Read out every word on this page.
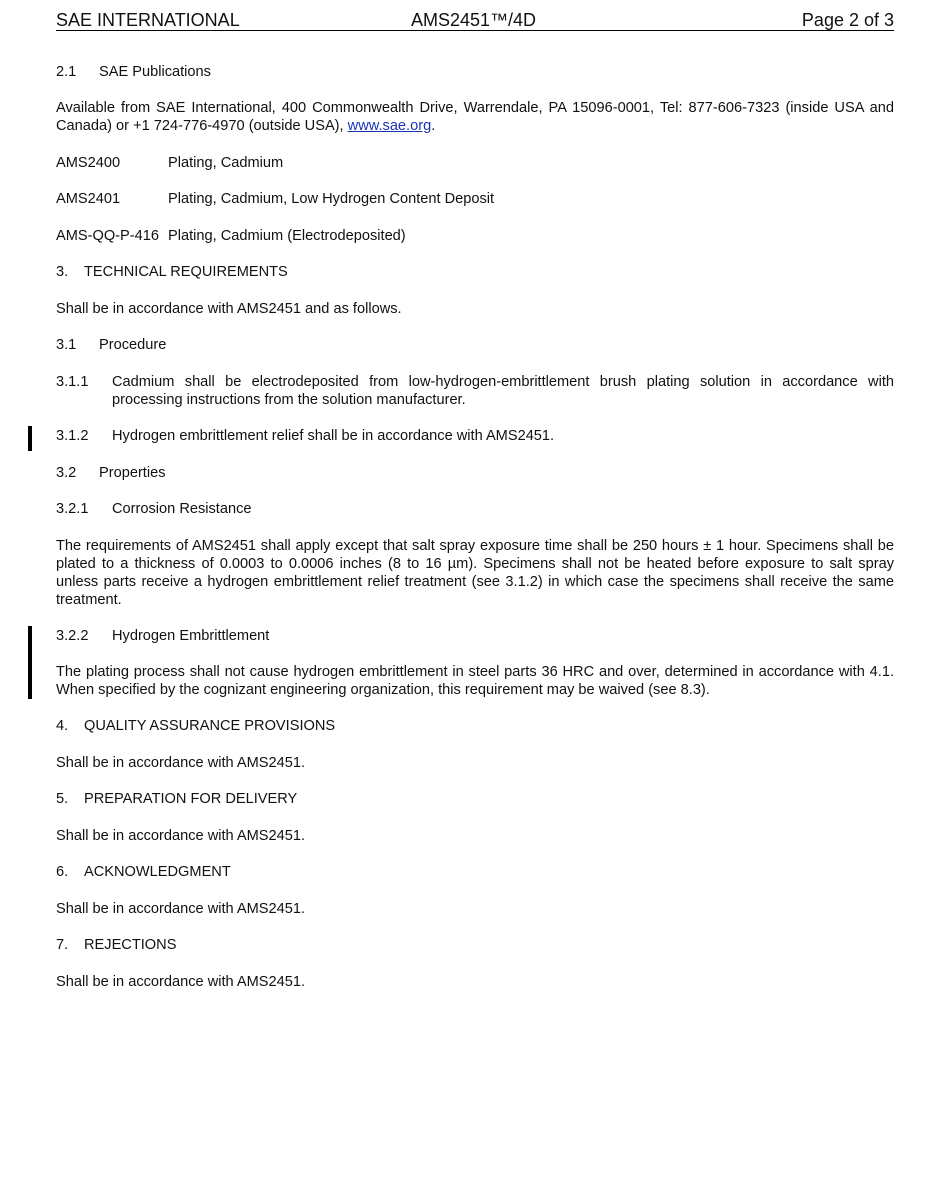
SAE INTERNATIONAL	AMS2451™/4D	Page 2 of 3
2.1 SAE Publications
Available from SAE International, 400 Commonwealth Drive, Warrendale, PA 15096-0001, Tel: 877-606-7323 (inside USA and Canada) or +1 724-776-4970 (outside USA), www.sae.org.
AMS2400	Plating, Cadmium
AMS2401	Plating, Cadmium, Low Hydrogen Content Deposit
AMS-QQ-P-416 Plating, Cadmium (Electrodeposited)
3. TECHNICAL REQUIREMENTS
Shall be in accordance with AMS2451 and as follows.
3.1 Procedure
3.1.1 Cadmium shall be electrodeposited from low-hydrogen-embrittlement brush plating solution in accordance with processing instructions from the solution manufacturer.
3.1.2 Hydrogen embrittlement relief shall be in accordance with AMS2451.
3.2 Properties
3.2.1 Corrosion Resistance
The requirements of AMS2451 shall apply except that salt spray exposure time shall be 250 hours ± 1 hour. Specimens shall be plated to a thickness of 0.0003 to 0.0006 inches (8 to 16 µm). Specimens shall not be heated before exposure to salt spray unless parts receive a hydrogen embrittlement relief treatment (see 3.1.2) in which case the specimens shall receive the same treatment.
3.2.2 Hydrogen Embrittlement
The plating process shall not cause hydrogen embrittlement in steel parts 36 HRC and over, determined in accordance with 4.1. When specified by the cognizant engineering organization, this requirement may be waived (see 8.3).
4. QUALITY ASSURANCE PROVISIONS
Shall be in accordance with AMS2451.
5. PREPARATION FOR DELIVERY
Shall be in accordance with AMS2451.
6. ACKNOWLEDGMENT
Shall be in accordance with AMS2451.
7. REJECTIONS
Shall be in accordance with AMS2451.
